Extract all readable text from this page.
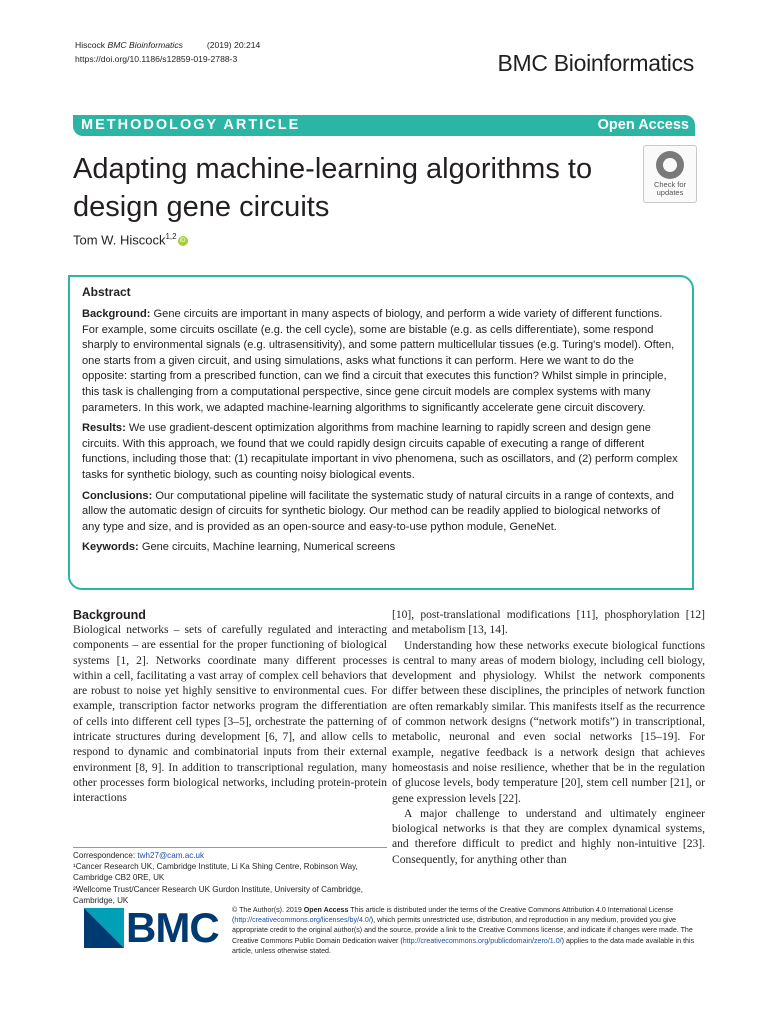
Hiscock BMC Bioinformatics	(2019) 20:214
https://doi.org/10.1186/s12859-019-2788-3	BMC Bioinformatics
METHODOLOGY ARTICLE	Open Access
Adapting machine-learning algorithms to design gene circuits
Check for
updates
Tom W. Hiscock$^{1,2}$ iD
Abstract

Background: Gene circuits are important in many aspects of biology, and perform a wide variety of different functions. For example, some circuits oscillate (e.g. the cell cycle), some are bistable (e.g. as cells differentiate), some respond sharply to environmental signals (e.g. ultrasensitivity), and some pattern multicellular tissues (e.g. Turing's model). Often, one starts from a given circuit, and using simulations, asks what functions it can perform. Here we want to do the opposite: starting from a prescribed function, can we find a circuit that executes this function? Whilst simple in principle, this task is challenging from a computational perspective, since gene circuit models are complex systems with many parameters. In this work, we adapted machine-learning algorithms to significantly accelerate gene circuit discovery.

Results: We use gradient-descent optimization algorithms from machine learning to rapidly screen and design gene circuits. With this approach, we found that we could rapidly design circuits capable of executing a range of different functions, including those that: (1) recapitulate important in vivo phenomena, such as oscillators, and (2) perform complex tasks for synthetic biology, such as counting noisy biological events.

Conclusions: Our computational pipeline will facilitate the systematic study of natural circuits in a range of contexts, and allow the automatic design of circuits for synthetic biology. Our method can be readily applied to biological networks of any type and size, and is provided as an open-source and easy-to-use python module, GeneNet.

Keywords: Gene circuits, Machine learning, Numerical screens

Background

Biological networks – sets of carefully regulated and interacting components – are essential for the proper functioning of biological systems [1, 2]. Networks coordinate many different processes within a cell, facilitating a vast array of complex cell behaviors that are robust to noise yet highly sensitive to environmental cues. For example, transcription factor networks program the differentiation of cells into different cell types [3–5], orchestrate the patterning of intricate structures during development [6, 7], and allow cells to respond to dynamic and combinatorial inputs from their external environment [8, 9]. In addition to transcriptional regulation, many other processes form biological networks, including protein-protein interactions

[10], post-translational modifications [11], phosphorylation [12] and metabolism [13, 14].

Understanding how these networks execute biological functions is central to many areas of modern biology, including cell biology, development and physiology. Whilst the network components differ between these disciplines, the principles of network function are often remarkably similar. This manifests itself as the recurrence of common network designs (“network motifs”) in transcriptional, metabolic, neuronal and even social networks [15–19]. For example, negative feedback is a network design that achieves homeostasis and noise resilience, whether that be in the regulation of glucose levels, body temperature [20], stem cell number [21], or gene expression levels [22].

A major challenge to understand and ultimately engineer biological networks is that they are complex dynamical systems, and therefore difficult to predict and highly non-intuitive [23]. Consequently, for anything other than

Correspondence: twh27@cam.ac.uk
¹Cancer Research UK, Cambridge Institute, Li Ka Shing Centre, Robinson Way, Cambridge CB2 0RE, UK
²Wellcome Trust/Cancer Research UK Gurdon Institute, University of Cambridge, Cambridge, UK
BMC © The Author(s). 2019 Open Access This article is distributed under the terms of the Creative Commons Attribution 4.0 International License (http://creativecommons.org/licenses/by/4.0/), which permits unrestricted use, distribution, and reproduction in any medium, provided you give appropriate credit to the original author(s) and the source, provide a link to the Creative Commons license, and indicate if changes were made. The Creative Commons Public Domain Dedication waiver (http://creativecommons.org/publicdomain/zero/1.0/) applies to the data made available in this article, unless otherwise stated.
